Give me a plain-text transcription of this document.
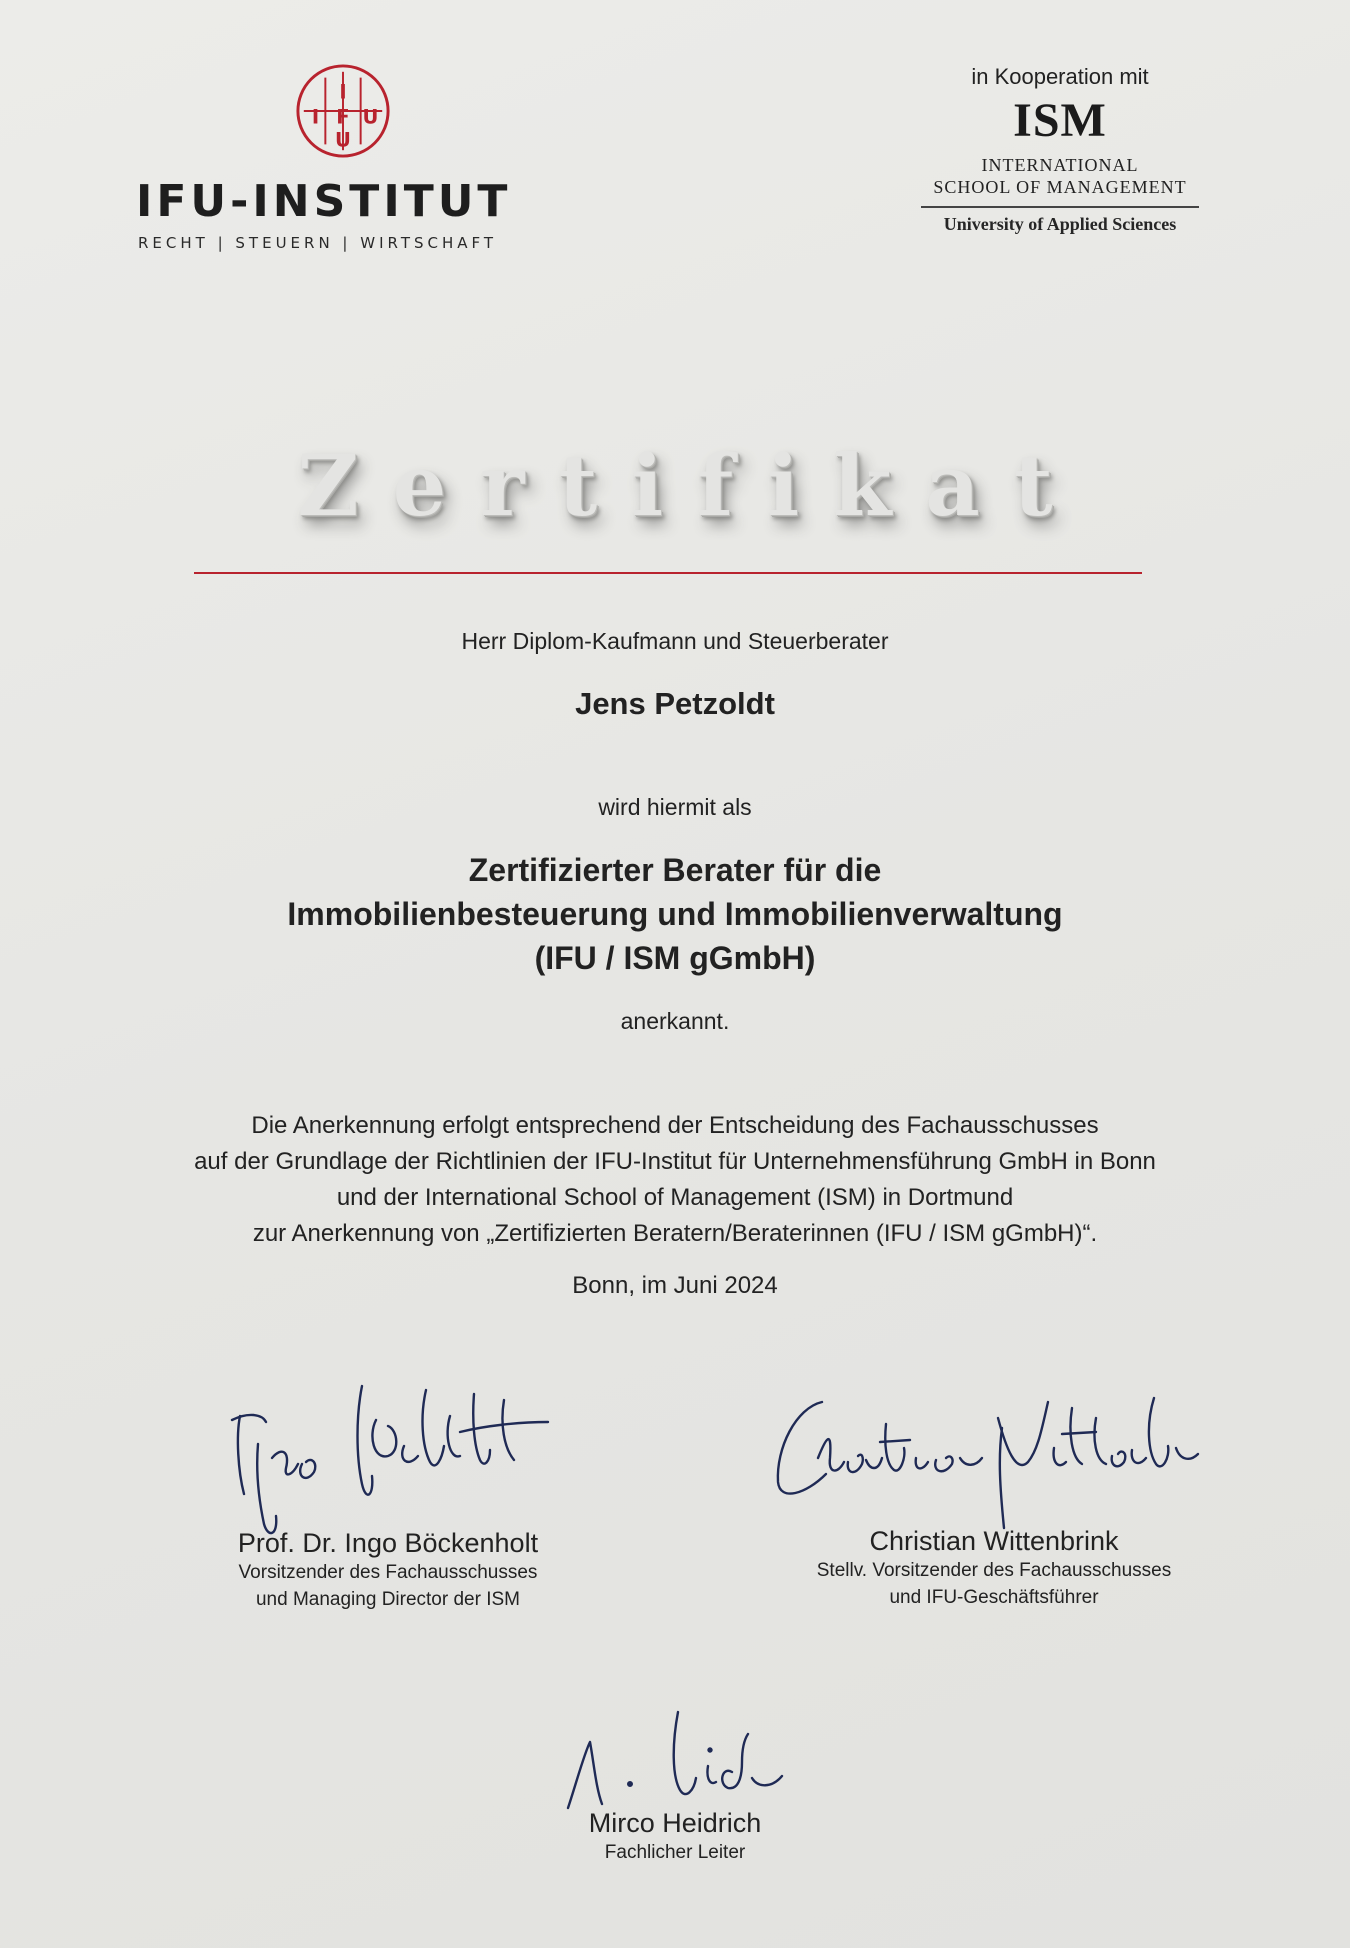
I
I F U
U
IFU-INSTITUT
RECHT | STEUERN | WIRTSCHAFT
in Kooperation mit
ISM
INTERNATIONAL
SCHOOL OF MANAGEMENT
University of Applied Sciences
Zertifikat
Herr Diplom-Kaufmann und Steuerberater
Jens Petzoldt
wird hiermit als
Zertifizierter Berater für die
Immobilienbesteuerung und Immobilienverwaltung
(IFU / ISM gGmbH)
anerkannt.
Die Anerkennung erfolgt entsprechend der Entscheidung des Fachausschusses
auf der Grundlage der Richtlinien der IFU-Institut für Unternehmensführung GmbH in Bonn
und der International School of Management (ISM) in Dortmund
zur Anerkennung von „Zertifizierten Beratern/Beraterinnen (IFU / ISM gGmbH)“.
Bonn, im Juni 2024
Prof. Dr. Ingo Böckenholt
Vorsitzender des Fachausschusses
und Managing Director der ISM
Christian Wittenbrink
Stellv. Vorsitzender des Fachausschusses
und IFU-Geschäftsführer
Mirco Heidrich
Fachlicher Leiter
